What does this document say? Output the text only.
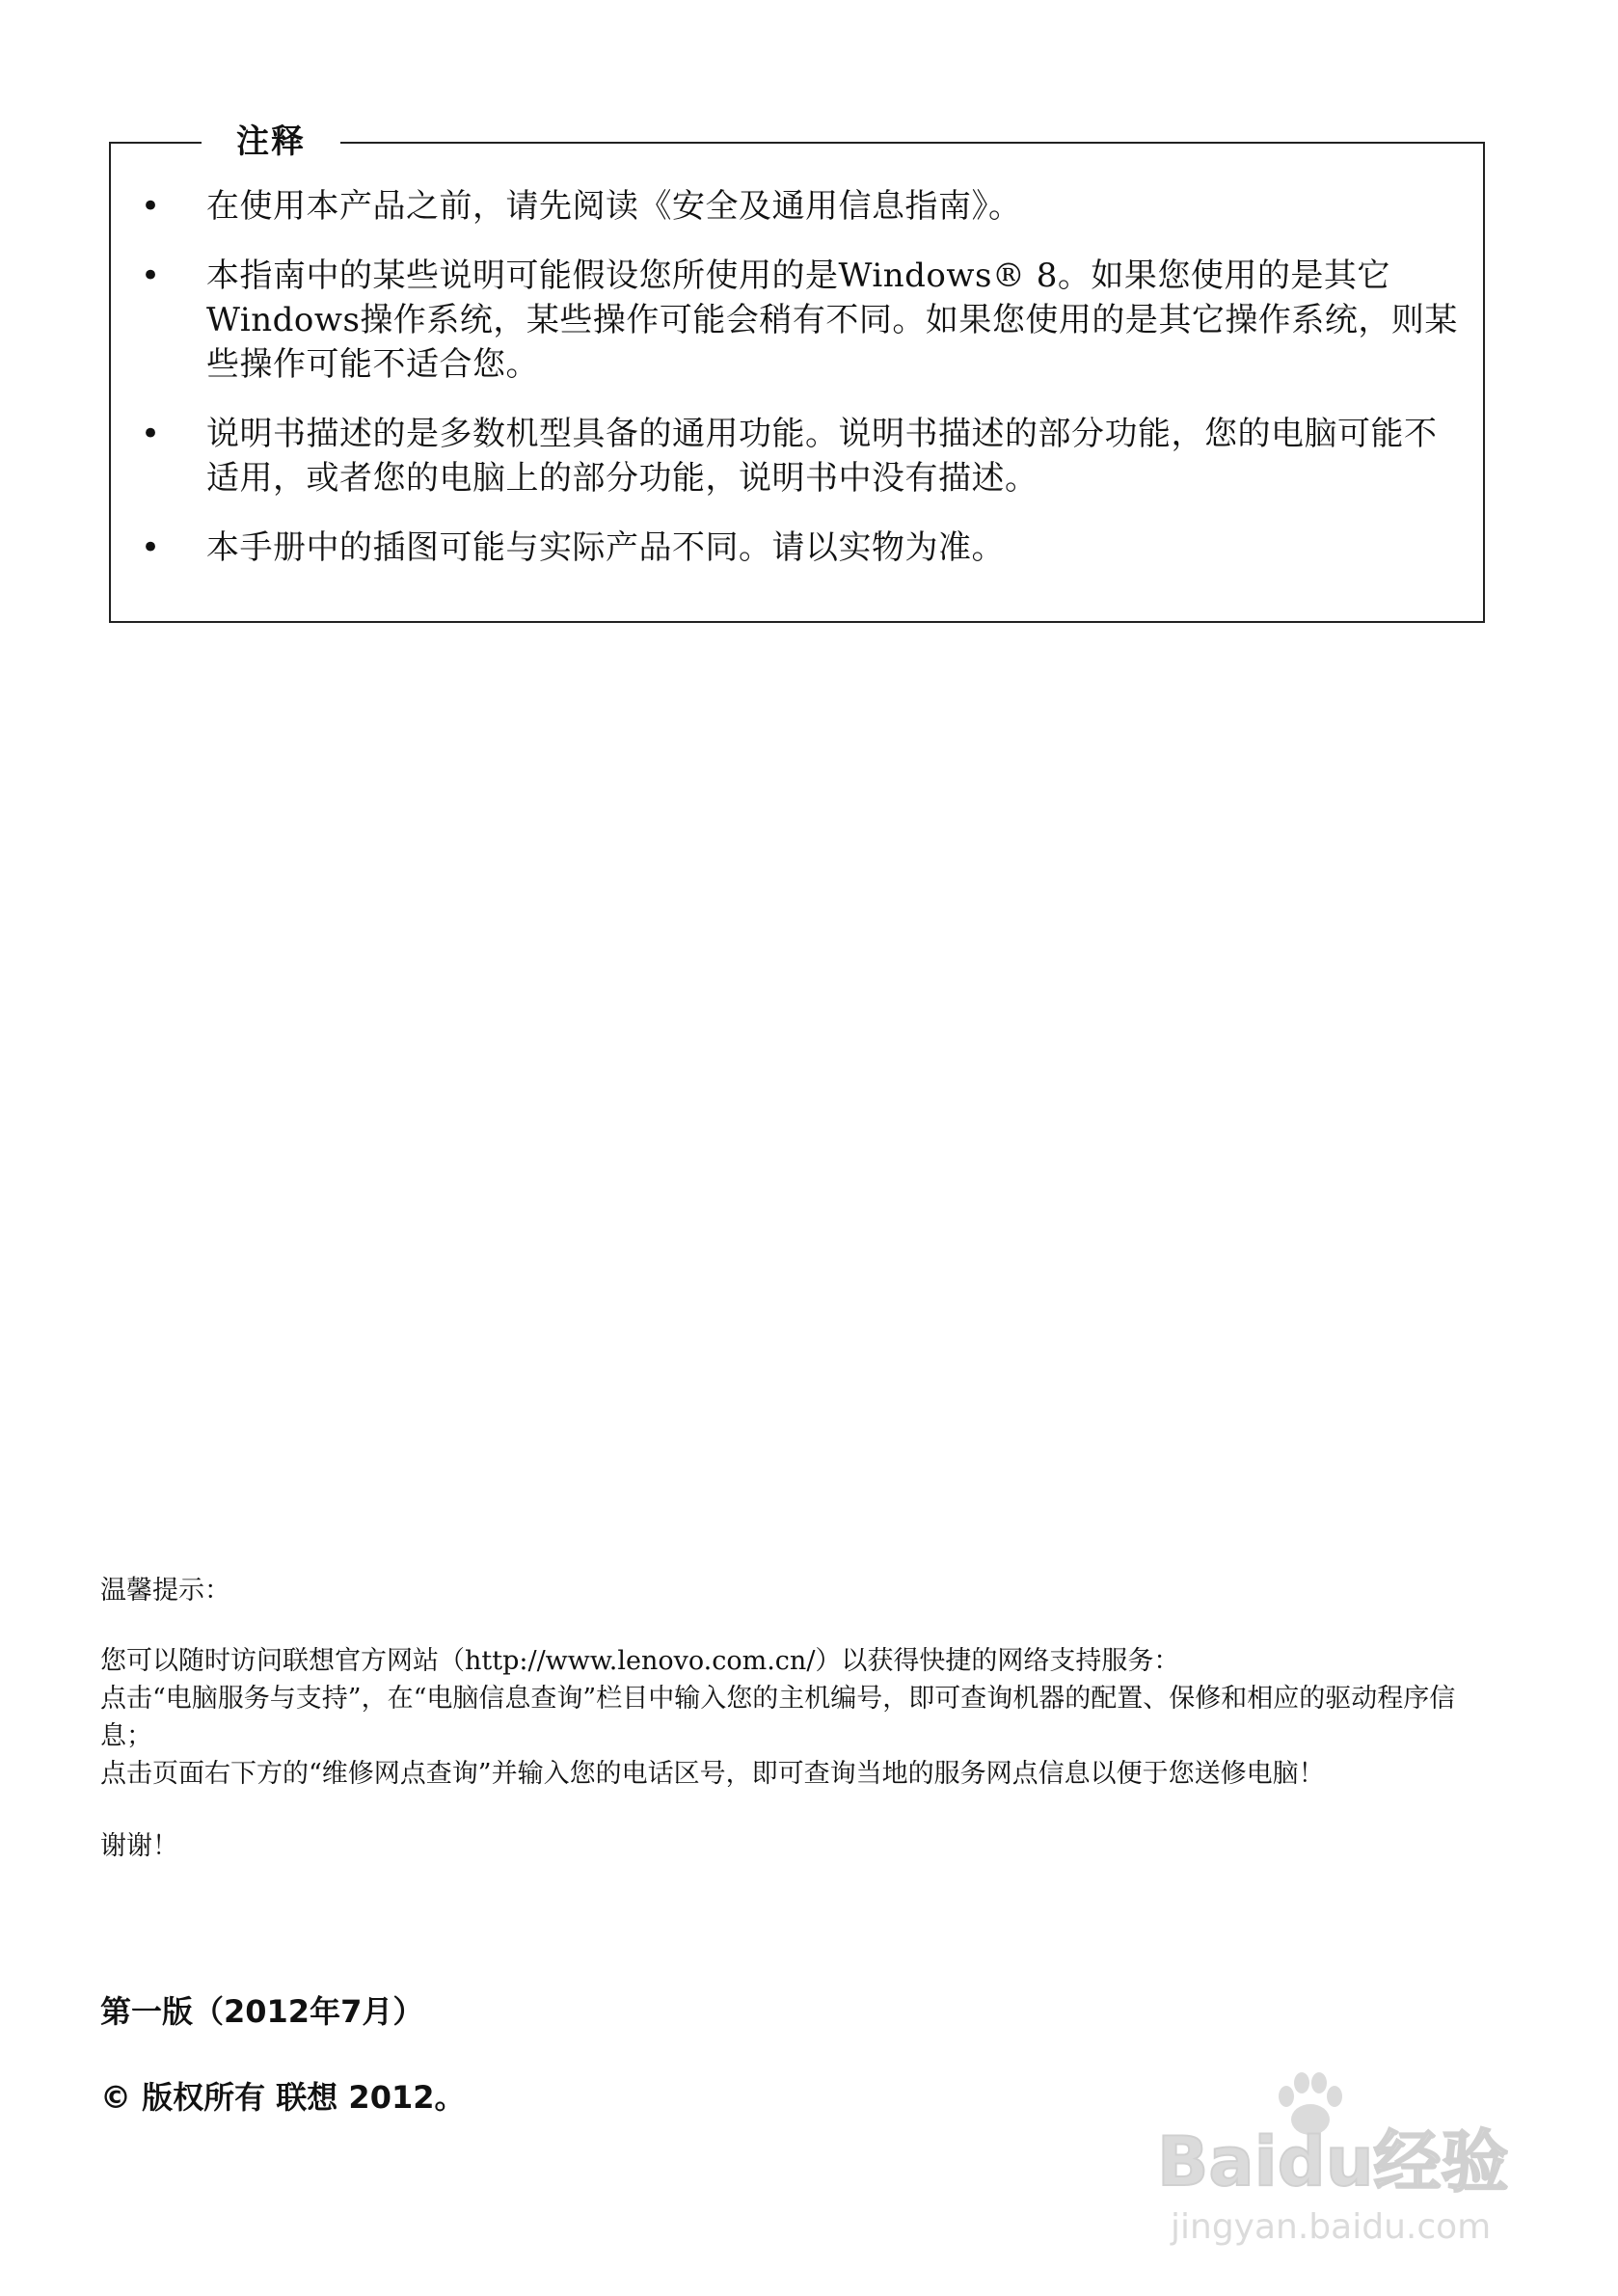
注释
• 在使用本产品之前，请先阅读《安全及通用信息指南》。
• 本指南中的某些说明可能假设您所使用的是Windows® 8。如果您使用的是其它Windows操作系统，某些操作可能会稍有不同。如果您使用的是其它操作系统，则某些操作可能不适合您。
• 说明书描述的是多数机型具备的通用功能。说明书描述的部分功能，您的电脑可能不适用，或者您的电脑上的部分功能，说明书中没有描述。
• 本手册中的插图可能与实际产品不同。请以实物为准。

温馨提示：

您可以随时访问联想官方网站（http://www.lenovo.com.cn/）以获得快捷的网络支持服务：

点击“电脑服务与支持”，在“电脑信息查询”栏目中输入您的主机编号，即可查询机器的配置、保修和相应的驱动程序信息；

点击页面右下方的“维修网点查询”并输入您的电话区号，即可查询当地的服务网点信息以便于您送修电脑！

谢谢！

第一版（2012年7月）
© 版权所有 联想 2012。
Baidu经验
jingyan.baidu.com
